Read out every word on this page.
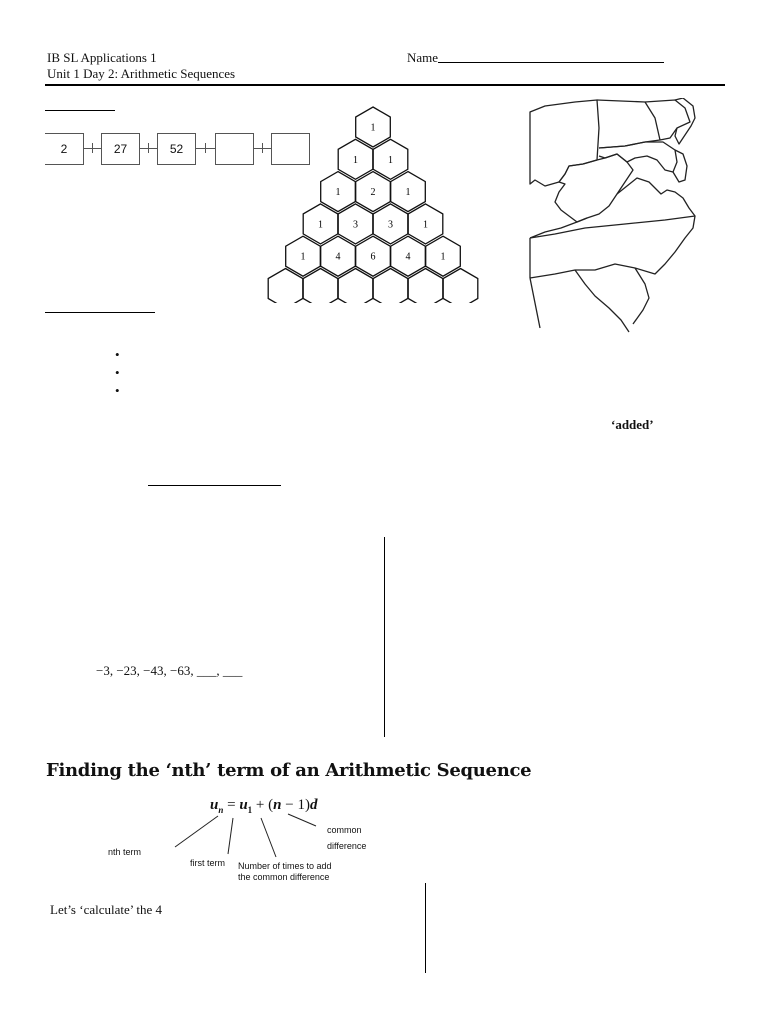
IB SL Applications 1	Name
Unit 1 Day 2: Arithmetic Sequences
2	27	52
1
1	1
1	2	1
1	3	3	1
1	4	6	4	1
•
•
•
‘added’
−3, −23, −43, −63, ___, ___
Finding the ‘nth’ term of an Arithmetic Sequence
$u_n = u_1 + (n - 1)d$
nth term
first term Number of times to add
the common difference
common
difference
Let’s ‘calculate’ the 4
